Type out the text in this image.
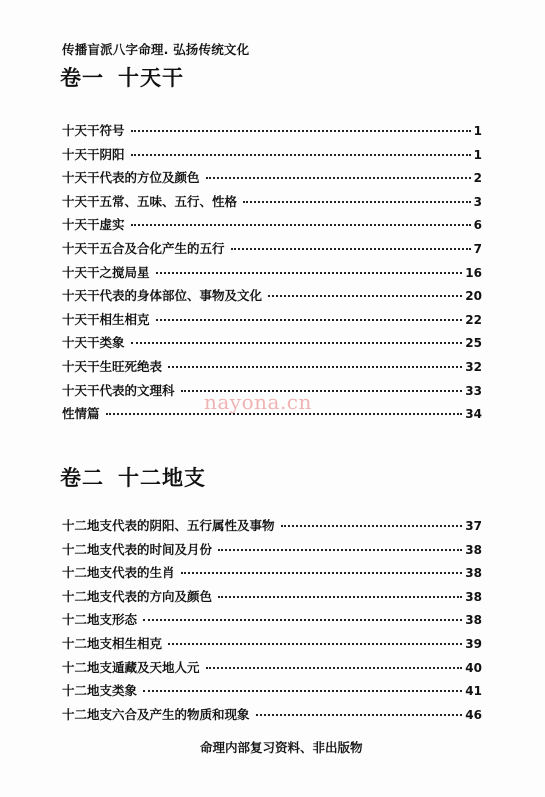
传播盲派八字命理. 弘扬传统文化
卷一 十天干
十天干符号	1
十天干阴阳	1
十天干代表的方位及颜色	2
十天干五常、五味、五行、性格	3
十天干虚实	6
十天干五合及合化产生的五行	7
十天干之搅局星	16
十天干代表的身体部位、事物及文化	20
十天干相生相克	22
十天干类象	25
十天干生旺死绝表	32
十天干代表的文理科	33
性情篇	34
nayona.cn
卷二 十二地支
十二地支代表的阴阳、五行属性及事物	37
十二地支代表的时间及月份	38
十二地支代表的生肖	38
十二地支代表的方向及颜色	38
十二地支形态	38
十二地支相生相克	39
十二地支遁藏及天地人元	40
十二地支类象	41
十二地支六合及产生的物质和现象	46
命理内部复习资料、非出版物
